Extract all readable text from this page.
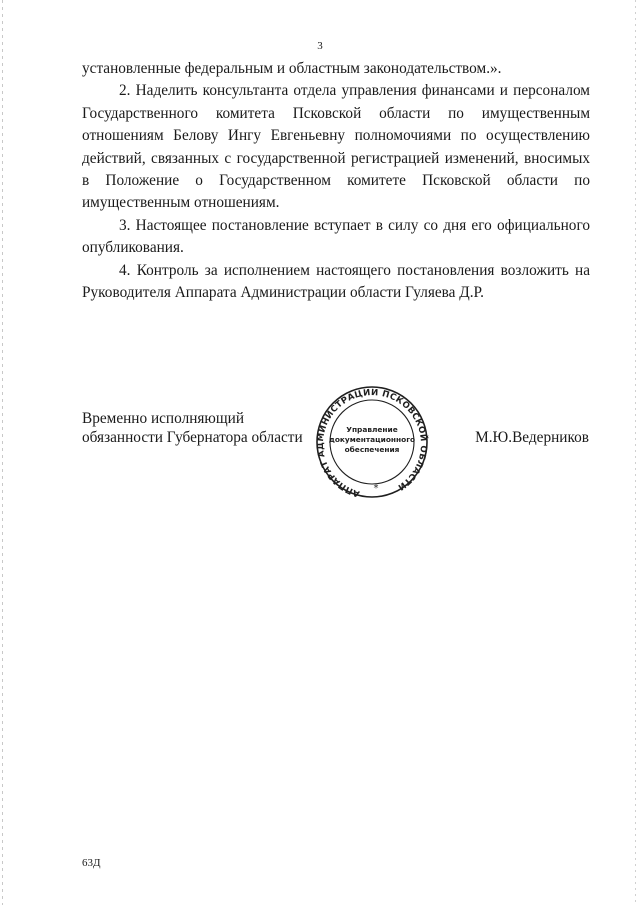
3

установленные федеральным и областным законодательством.».

2. Наделить консультанта отдела управления финансами и персоналом Государственного комитета Псковской области по имущественным отношениям Белову Ингу Евгеньевну полномочиями по осуществлению действий, связанных с государственной регистрацией изменений, вносимых в Положение о Государственном комитете Псковской области по имущественным отношениям.

3. Настоящее постановление вступает в силу со дня его официального опубликования.

4. Контроль за исполнением настоящего постановления возложить на Руководителя Аппарата Администрации области Гуляева Д.Р.

Временно исполняющий
обязанности Губернатора области	М.Ю.Ведерников
АППАРАТ АДМИНИСТРАЦИИ ПСКОВСКОЙ ОБЛАСТИ
Управление
документационного
обеспечения
*
63Д
